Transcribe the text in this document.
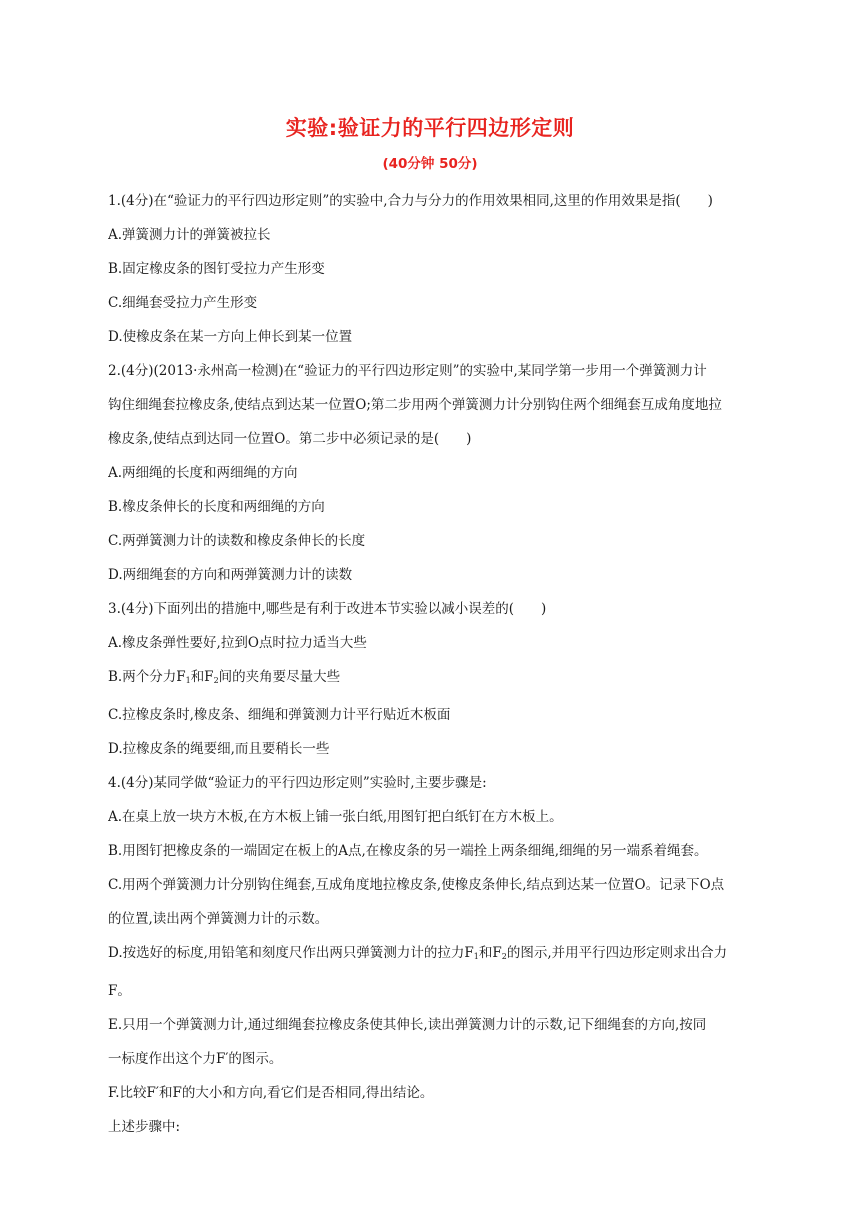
实验:验证力的平行四边形定则
(40分钟 50分)
1.(4分)在“验证力的平行四边形定则”的实验中,合力与分力的作用效果相同,这里的作用效果是指(　　)
A.弹簧测力计的弹簧被拉长
B.固定橡皮条的图钉受拉力产生形变
C.细绳套受拉力产生形变
D.使橡皮条在某一方向上伸长到某一位置
2.(4分)(2013·永州高一检测)在“验证力的平行四边形定则”的实验中,某同学第一步用一个弹簧测力计
钩住细绳套拉橡皮条,使结点到达某一位置O;第二步用两个弹簧测力计分别钩住两个细绳套互成角度地拉
橡皮条,使结点到达同一位置O。第二步中必须记录的是(　　)
A.两细绳的长度和两细绳的方向
B.橡皮条伸长的长度和两细绳的方向
C.两弹簧测力计的读数和橡皮条伸长的长度
D.两细绳套的方向和两弹簧测力计的读数
3.(4分)下面列出的措施中,哪些是有利于改进本节实验以减小误差的(　　)
A.橡皮条弹性要好,拉到O点时拉力适当大些
B.两个分力$F_1$和$F_2$间的夹角要尽量大些
C.拉橡皮条时,橡皮条、细绳和弹簧测力计平行贴近木板面
D.拉橡皮条的绳要细,而且要稍长一些
4.(4分)某同学做“验证力的平行四边形定则”实验时,主要步骤是:
A.在桌上放一块方木板,在方木板上铺一张白纸,用图钉把白纸钉在方木板上。
B.用图钉把橡皮条的一端固定在板上的A点,在橡皮条的另一端拴上两条细绳,细绳的另一端系着绳套。
C.用两个弹簧测力计分别钩住绳套,互成角度地拉橡皮条,使橡皮条伸长,结点到达某一位置O。记录下O点
的位置,读出两个弹簧测力计的示数。
D.按选好的标度,用铅笔和刻度尺作出两只弹簧测力计的拉力$F_1$和$F_2$的图示,并用平行四边形定则求出合力
F。
E.只用一个弹簧测力计,通过细绳套拉橡皮条使其伸长,读出弹簧测力计的示数,记下细绳套的方向,按同
一标度作出这个力F′的图示。
F.比较F′和F的大小和方向,看它们是否相同,得出结论。
上述步骤中:
